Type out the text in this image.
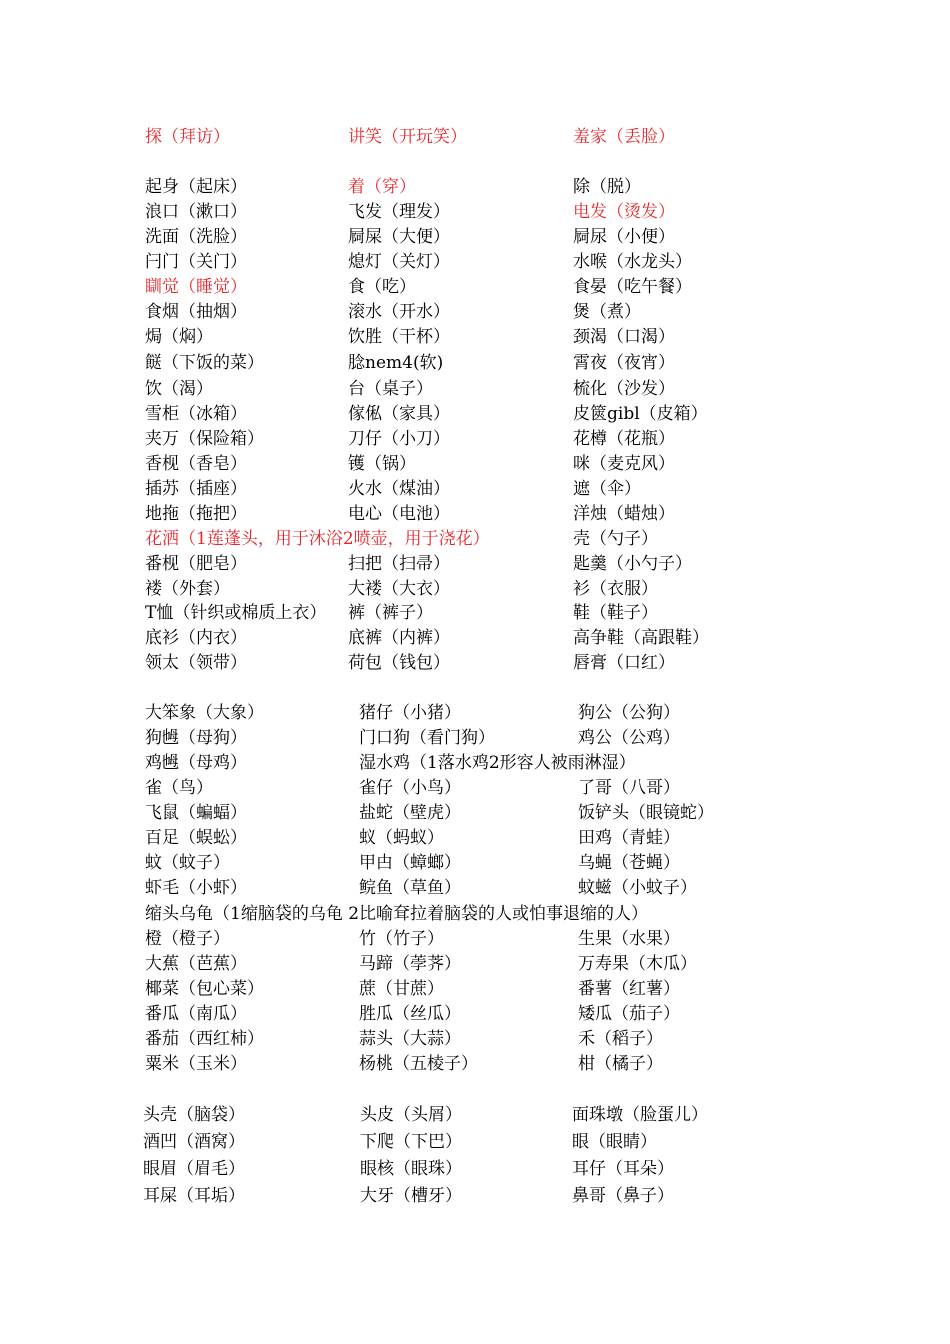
探（拜访）	讲笑（开玩笑）	羞家（丢脸）
起身（起床）	着（穿）	除（脱）
浪口（漱口）	飞发（理发）	电发（烫发）
洗面（洗脸）	屙屎（大便）	屙尿（小便）
闩门（关门）	熄灯（关灯）	水喉（水龙头）
瞓觉（睡觉）	食（吃）	食晏（吃午餐）
食烟（抽烟）	滚水（开水）	煲（煮）
焗（焖）	饮胜（干杯）	颈渴（口渴）
餸（下饭的菜）	腍nem4(软)	霄夜（夜宵）
饮（渴）	台（桌子）	梳化（沙发）
雪柜（冰箱）	傢俬（家具）	皮篋gibl（皮箱）
夹万（保险箱）	刀仔（小刀）	花樽（花瓶）
香枧（香皂）	镬（锅）	咪（麦克风）
插苏（插座）	火水（煤油）	遮（伞）
地拖（拖把）	电心（电池）	洋烛（蜡烛）
花洒（1莲蓬头，用于沐浴2喷壶，用于浇花）	壳（勺子）
番枧（肥皂）	扫把（扫帚）	匙羹（小勺子）
褛（外套）	大褛（大衣）	衫（衣服）
T恤（针织或棉质上衣） 裤（裤子）	鞋（鞋子）
底衫（内衣）	底裤（内裤）	高争鞋（高跟鞋）
领太（领带）	荷包（钱包）	唇膏（口红）
大笨象（大象）	猪仔（小猪）	狗公（公狗）
狗乸（母狗）	门口狗（看门狗）	鸡公（公鸡）
鸡乸（母鸡）	湿水鸡（1落水鸡2形容人被雨淋湿）
雀（鸟）	雀仔（小鸟）	了哥（八哥）
飞鼠（蝙蝠）	盐蛇（壁虎）	饭铲头（眼镜蛇）
百足（蜈蚣）	蚁（蚂蚁）	田鸡（青蛙）
蚊（蚊子）	甲甴（蟑螂）	乌蝇（苍蝇）
虾毛（小虾）	鲩鱼（草鱼）	蚊螆（小蚊子）
缩头乌龟（1缩脑袋的乌龟 2比喻耷拉着脑袋的人或怕事退缩的人）
橙（橙子）	竹（竹子）	生果（水果）
大蕉（芭蕉）	马蹄（荸荠）	万寿果（木瓜）
椰菜（包心菜）	蔗（甘蔗）	番薯（红薯）
番瓜（南瓜）	胜瓜（丝瓜）	矮瓜（茄子）
番茄（西红柿）	蒜头（大蒜）	禾（稻子）
粟米（玉米）	杨桃（五棱子）	柑（橘子）
头壳（脑袋）	头皮（头屑）	面珠墩（脸蛋儿）
酒凹（酒窝）	下爬（下巴）	眼（眼睛）
眼眉（眉毛）	眼核（眼珠）	耳仔（耳朵）
耳屎（耳垢）	大牙（槽牙）	鼻哥（鼻子）
